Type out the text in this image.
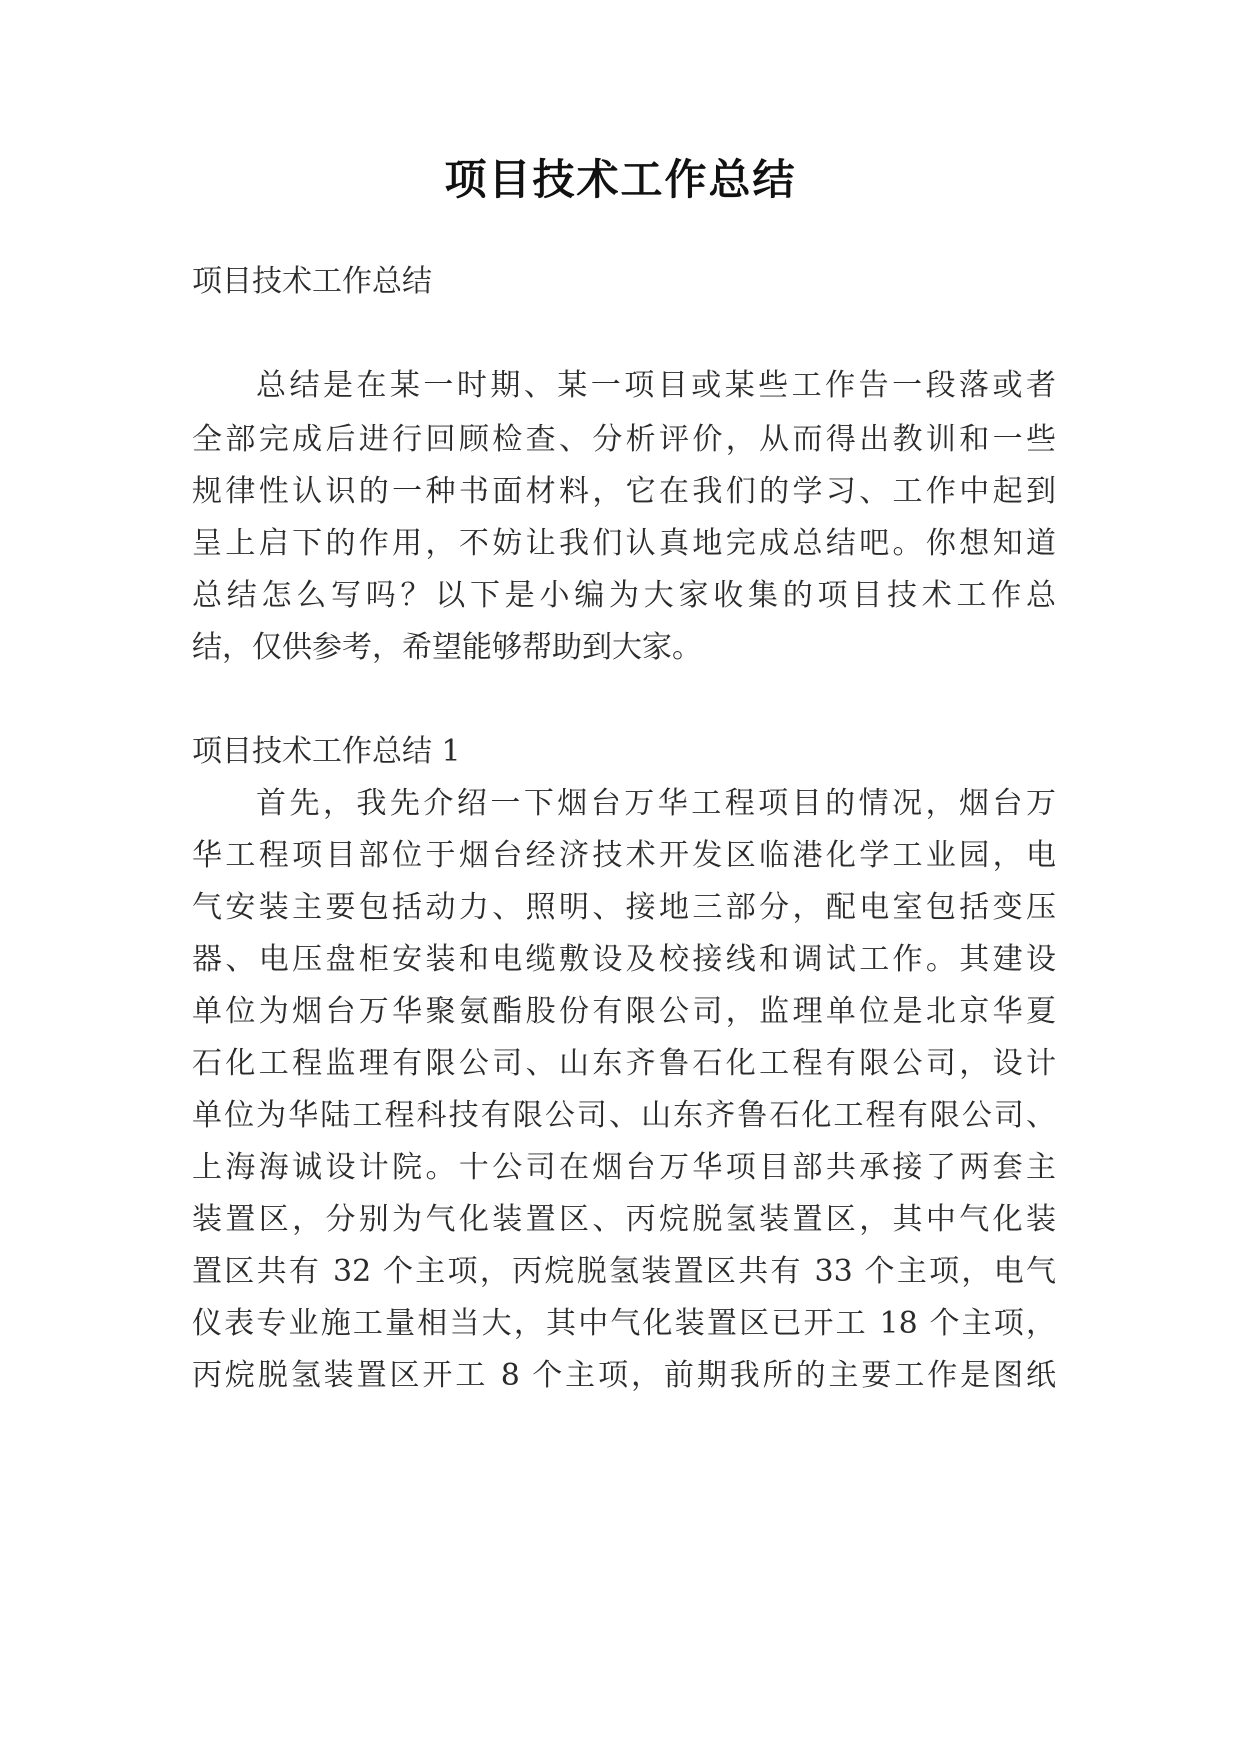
项目技术工作总结
项目技术工作总结
总结是在某一时期、某一项目或某些工作告一段落或者
全部完成后进行回顾检查、分析评价，从而得出教训和一些
规律性认识的一种书面材料，它在我们的学习、工作中起到
呈上启下的作用，不妨让我们认真地完成总结吧。你想知道
总结怎么写吗？以下是小编为大家收集的项目技术工作总
结，仅供参考，希望能够帮助到大家。
项目技术工作总结 1
首先，我先介绍一下烟台万华工程项目的情况，烟台万
华工程项目部位于烟台经济技术开发区临港化学工业园，电
气安装主要包括动力、照明、接地三部分，配电室包括变压
器、电压盘柜安装和电缆敷设及校接线和调试工作。其建设
单位为烟台万华聚氨酯股份有限公司，监理单位是北京华夏
石化工程监理有限公司、山东齐鲁石化工程有限公司，设计
单位为华陆工程科技有限公司、山东齐鲁石化工程有限公司、
上海海诚设计院。十公司在烟台万华项目部共承接了两套主
装置区，分别为气化装置区、丙烷脱氢装置区，其中气化装
置区共有 32 个主项，丙烷脱氢装置区共有 33 个主项，电气
仪表专业施工量相当大，其中气化装置区已开工 18 个主项，
丙烷脱氢装置区开工 8 个主项，前期我所的主要工作是图纸
